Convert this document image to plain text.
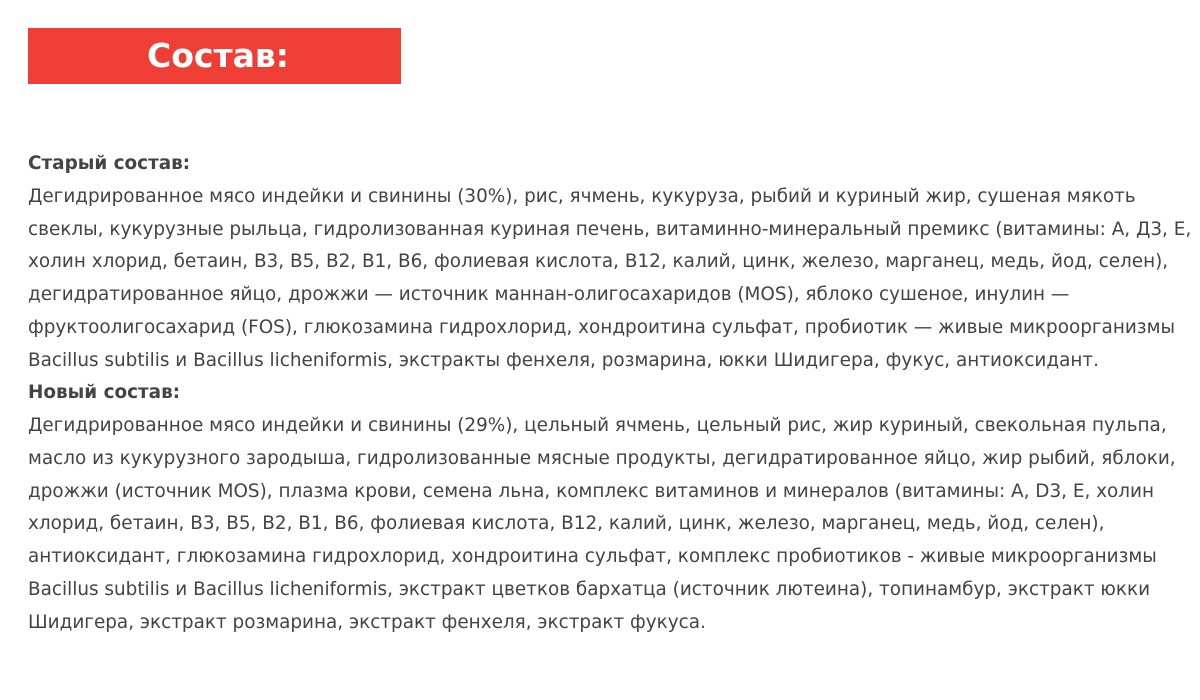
Состав:

Старый состав:

Дегидрированное мясо индейки и свинины (30%), рис, ячмень, кукуруза, рыбий и куриный жир, сушеная мякоть

свеклы, кукурузные рыльца, гидролизованная куриная печень, витаминно-минеральный премикс (витамины: А, Д3, Е,

холин хлорид, бетаин, B3, B5, B2, B1, B6, фолиевая кислота, B12, калий, цинк, железо, марганец, медь, йод, селен),

дегидратированное яйцо, дрожжи — источник маннан-олигосахаридов (MOS), яблоко сушеное, инулин —

фруктоолигосахарид (FOS), глюкозамина гидрохлорид, хондроитина сульфат, пробиотик — живые микроорганизмы

Bacillus subtilis и Bacillus licheniformis, экстракты фенхеля, розмарина, юкки Шидигера, фукус, антиоксидант.

Новый состав:

Дегидрированное мясо индейки и свинины (29%), цельный ячмень, цельный рис, жир куриный, свекольная пульпа,

масло из кукурузного зародыша, гидролизованные мясные продукты, дегидратированное яйцо, жир рыбий, яблоки,

дрожжи (источник MOS), плазма крови, семена льна, комплекс витаминов и минералов (витамины: A, D3, E, холин

хлорид, бетаин, B3, B5, B2, B1, B6, фолиевая кислота, B12, калий, цинк, железо, марганец, медь, йод, селен),

антиоксидант, глюкозамина гидрохлорид, хондроитина сульфат, комплекс пробиотиков - живые микроорганизмы

Bacillus subtilis и Bacillus licheniformis, экстракт цветков бархатца (источник лютеина), топинамбур, экстракт юкки

Шидигера, экстракт розмарина, экстракт фенхеля, экстракт фукуса.
